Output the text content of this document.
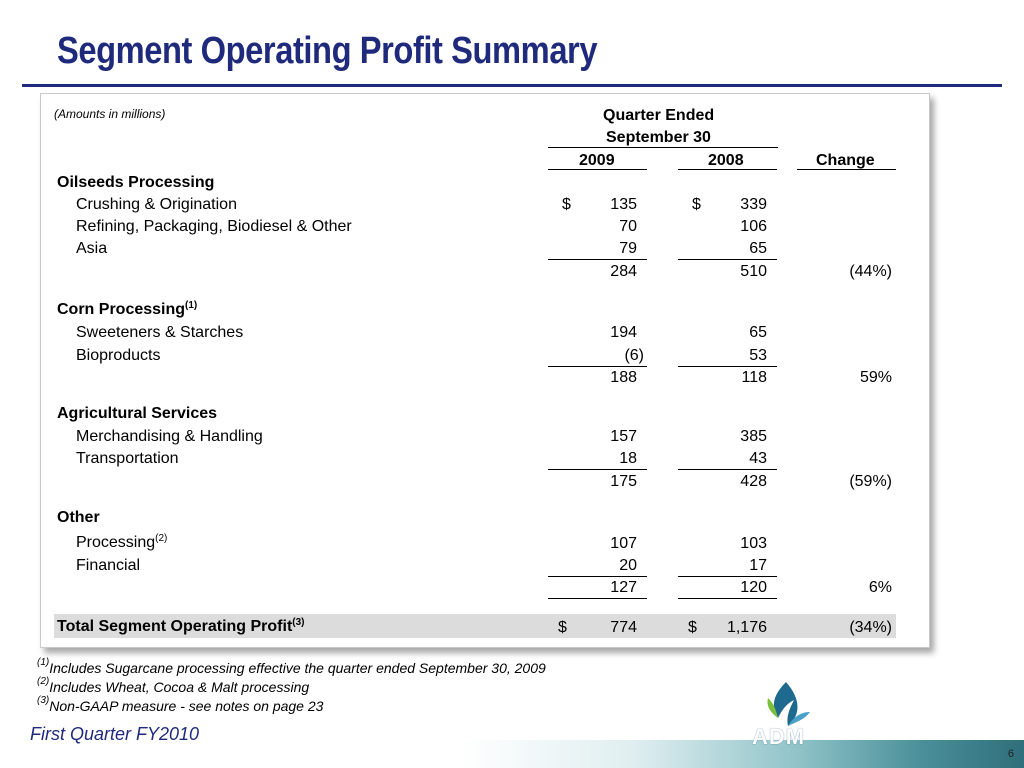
Segment Operating Profit Summary
(Amounts in millions)	Quarter Ended
September 30
2009	2008	Change
Oilseeds Processing
Crushing & Origination	$	135	$	339
Refining, Packaging, Biodiesel & Other	70	106
Asia	79	65
284	510	(44%)
Corn Processing$^{(1)}$
Sweeteners & Starches	194	65
Bioproducts	(6)	53
188	118	59%
Agricultural Services
Merchandising & Handling	157	385
Transportation	18	43
175	428	(59%)
Other
Processing$^{(2)}$	107	103
Financial	20	17
127	120	6%
Total Segment Operating Profit$^{(3)}$	$	774	$	1,176	(34%)
$^{(1)}$Includes Sugarcane processing effective the quarter ended September 30, 2009
$^{(2)}$Includes Wheat, Cocoa & Malt processing
$^{(3)}$Non-GAAP measure - see notes on page 23
First Quarter FY2010	ADM
6
